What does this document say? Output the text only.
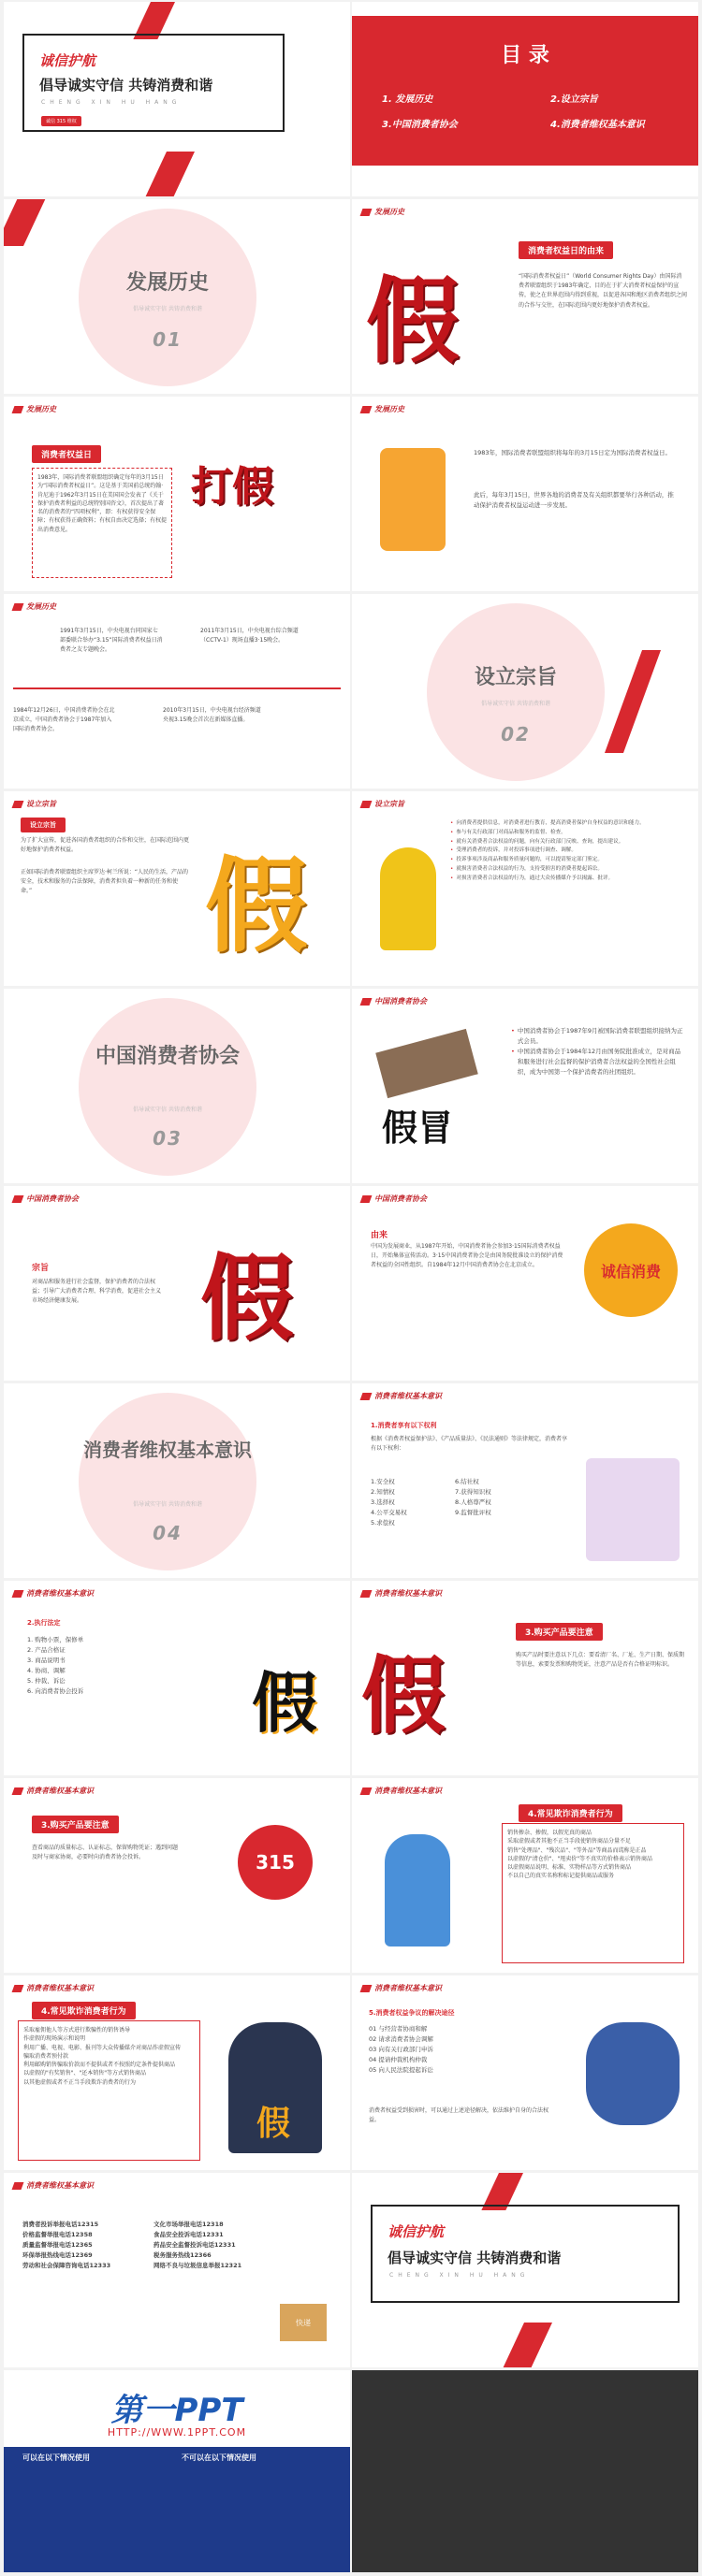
诚信护航
倡导诚实守信 共铸消费和谐
CHENG XIN HU HANG
诚信 315 维权
目 录
1. 发展历史	2.设立宗旨
3.中国消费者协会	4.消费者维权基本意识
发展历史
倡导诚实守信 共铸消费和谐
01
发展历史
假
消费者权益日的由来
“国际消费者权益日”（World Consumer Rights Day）由国际消费者联盟组织于1983年确定，目的在于扩大消费者权益保护的宣传，使之在世界范围内得到重视，以促进各国和地区消费者组织之间的合作与交往，在国际范围内更好地保护消费者权益。
发展历史
消费者权益日
1983年，国际消费者联盟组织确定每年的3月15日为“国际消费者权益日”。这是基于美国前总统约翰·肯尼迪于1962年3月15日在美国国会发表了《关于保护消费者利益的总统特别国咨文》，首次提出了著名的消费者的“四项权利”，即：有权获得安全保障；有权获得正确资料；有权自由决定选择；有权提出消费意见。
打假
发展历史
1983年，国际消费者联盟组织将每年的3月15日定为国际消费者权益日。
此后，每年3月15日，世界各地的消费者及有关组织都要举行各种活动，推动保护消费者权益运动进一步发展。
发展历史
1991年3月15日，中央电视台同国家七部委联合举办“3.15”国际消费者权益日消费者之友专题晚会。
2011年3月15日，中央电视台综合频道（CCTV-1）现场直播3·15晚会。
1984年12月26日，中国消费者协会在北京成立，中国消费者协会于1987年加入国际消费者协会。
2010年3月15日，中央电视台经济频道央视3.15晚会首次在新媒体直播。
设立宗旨
倡导诚实守信 共铸消费和谐
02
设立宗旨
设立宗旨
为了扩大宣传，促进各国消费者组织的合作和交往，在国际范围内更好地保护消费者权益。
正如国际消费者联盟组织主席罗达·柯兰所说：“人民的生活，产品的安全，技术和服务的合法保障，消费者担负着一种新的任务和使命。”	假
设立宗旨
• 向消费者提供信息，对消费者进行教育，提高消费者保护自身权益的意识和能力。
• 参与有关行政部门对商品和服务的监督、检查。
• 就有关消费者合法权益的问题，向有关行政部门反映、查询，提出建议。
• 受理消费者的投诉，并对投诉事项进行调查、调解。
• 投诉事项涉及商品和服务质量问题的，可以提请鉴定部门鉴定。
• 就损害消费者合法权益的行为，支持受损害的消费者提起诉讼。
• 对损害消费者合法权益的行为，通过大众传播媒介予以揭露、批评。
中国消费者协会
倡导诚实守信 共铸消费和谐
03
中国消费者协会
假冒
• 中国消费者协会于1987年9月被国际消费者联盟组织接纳为正式会员。
• 中国消费者协会于1984年12月由国务院批准成立，是对商品和服务进行社会监督的保护消费者合法权益的全国性社会组织，成为中国第一个保护消费者的社团组织。
中国消费者协会
宗旨
对商品和服务进行社会监督，保护消费者的合法权益；引导广大消费者合理、科学消费，促进社会主义市场经济健康发展。	假
中国消费者协会
由来
中国为发展商业，从1987年开始，中国消费者协会参加3·15国际消费者权益日，开始集体宣传活动。3·15中国消费者协会是由国务院批准设立的保护消费者权益的全国性组织。自1984年12月中国消费者协会在北京成立。	诚信消费
消费者维权基本意识
倡导诚实守信 共铸消费和谐
04
消费者维权基本意识
1.消费者享有以下权利
根据《消费者权益保护法》、《产品质量法》、《民法通则》等法律规定，消费者享有以下权利：
1.安全权
2.知情权
3.选择权
4.公平交易权
5.求偿权
6.结社权
7.获得知识权
8.人格尊严权
9.监督批评权
消费者维权基本意识
2.执行法定
1. 购物小票，保修单
2. 产品合格证
3. 商品说明书
4. 协商、调解
5. 仲裁、诉讼
6. 向消费者协会投诉	假
消费者维权基本意识
假
3.购买产品要注意
购买产品时要注意以下几点：要看清厂名、厂址、生产日期、保质期等信息，索要发票和购物凭证，注意产品是否有合格证明标识。
消费者维权基本意识
3.购买产品要注意
查看商品的质量标志、认证标志，保留购物凭证；遇到问题及时与商家协商，必要时向消费者协会投诉。	315
消费者维权基本意识
4.常见欺诈消费者行为
销售掺杂、掺假，以假充真的商品
采取虚假或者其他不正当手段使销售商品分量不足
销售"处理品"、"残次品"、"等外品"等商品而谎称是正品
以虚假的"清仓价"、"甩卖价"等不真实的价格表示销售商品
以虚假商品说明、标准、实物样品等方式销售商品
不以自己的真实名称和标记提供商品或服务
消费者维权基本意识
4.常见欺诈消费者行为
采取雇佣他人等方式进行欺骗性的销售诱导
作虚假的现场演示和说明
利用广播、电视、电影、报刊等大众传播媒介对商品作虚假宣传
骗取消费者预付款
利用邮购销售骗取价款而不提供或者不按照约定条件提供商品
以虚假的"有奖销售"、"还本销售"等方式销售商品
以其他虚假或者不正当手段欺诈消费者的行为
假
消费者维权基本意识
5.消费者权益争议的解决途径
01 与经营者协商和解
02 请求消费者协会调解
03 向有关行政部门申诉
04 提请仲裁机构仲裁
05 向人民法院提起诉讼
消费者权益受到损害时，可以通过上述途径解决，依法维护自身的合法权益。
消费者维权基本意识
消费者投诉举报电话12315
价格监督举报电话12358
质量监督举报电话12365
环保举报热线电话12369
劳动和社会保障咨询电话12333
文化市场举报电话12318
食品安全投诉电话12331
药品安全监督投诉电话12331
税务服务热线12366
网络不良与垃圾信息举报12321
快递
诚信护航
倡导诚实守信 共铸消费和谐
CHENG XIN HU HANG
第一PPT
HTTP://WWW.1PPT.COM
可以在以下情况使用	不可以在以下情况使用
